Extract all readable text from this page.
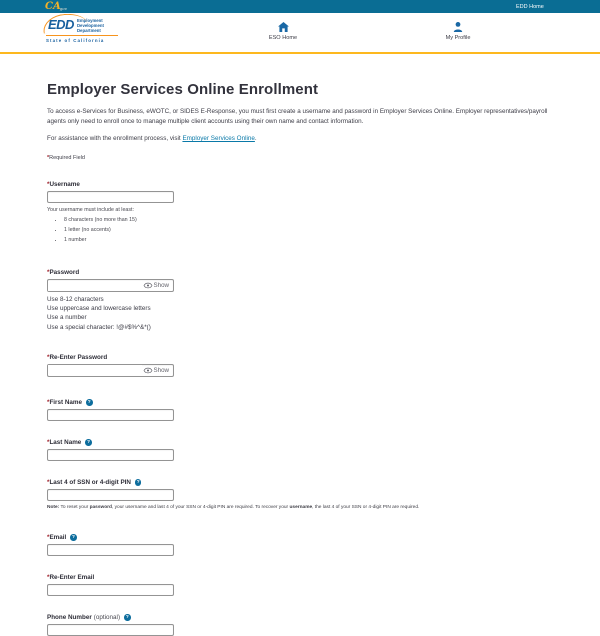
CA gov	EDD Home
EDD Employment
Development
Department
State of California	ESO Home	My Profile
Employer Services Online Enrollment

To access e-Services for Business, eWOTC, or SIDES E-Response, you must first create a username and password in Employer Services Online. Employer representatives/payroll agents only need to enroll once to manage multiple client accounts using their own name and contact information.

For assistance with the enrollment process, visit Employer Services Online.

*Required Field

* Username
Your username must include at least:
• 8 characters (no more than 15)
• 1 letter (no accents)
• 1 number
* Password
Show
Use 8-12 characters
Use uppercase and lowercase letters
Use a number
Use a special character: !@#$%^&*()
* Re-Enter Password
Show
* First Name	?
* Last Name	?
* Last 4 of SSN or 4-digit PIN	?

Note: To reset your password, your username and last 4 of your SSN or 4-digit PIN are required. To recover your username, the last 4 of your SSN or 4-digit PIN are required.

* Email	?
* Re-Enter Email
Phone Number (optional)	?
